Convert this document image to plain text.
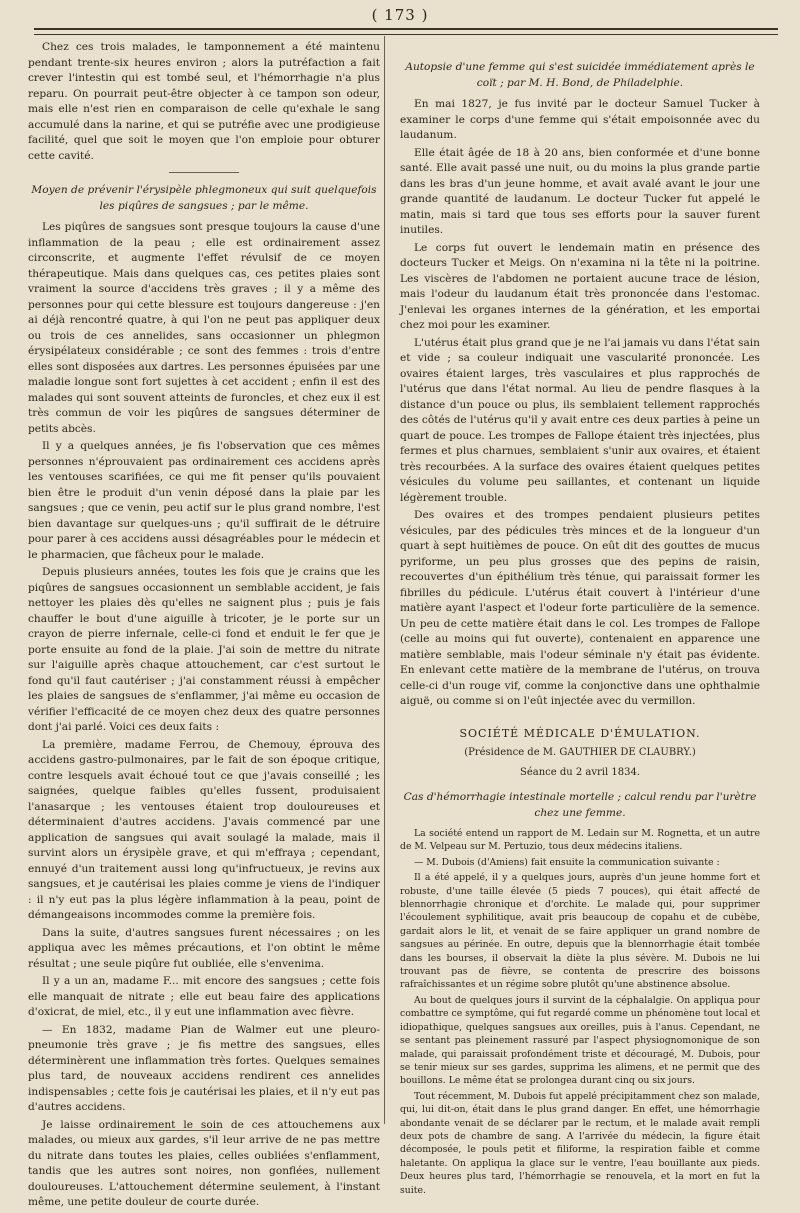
( 173 )

Chez ces trois malades, le tamponnement a été maintenu pendant trente-six heures environ ; alors la putréfaction a fait crever l'intestin qui est tombé seul, et l'hémorrhagie n'a plus reparu. On pourrait peut-être objecter à ce tampon son odeur, mais elle n'est rien en comparaison de celle qu'exhale le sang accumulé dans la narine, et qui se putréfie avec une prodigieuse facilité, quel que soit le moyen que l'on emploie pour obturer cette cavité.

Moyen de prévenir l'érysipèle phlegmoneux qui suit quelquefois les piqûres de sangsues ; par le même.

Les piqûres de sangsues sont presque toujours la cause d'une inflammation de la peau ; elle est ordinairement assez circonscrite, et augmente l'effet révulsif de ce moyen thérapeutique. Mais dans quelques cas, ces petites plaies sont vraiment la source d'accidens très graves ; il y a même des personnes pour qui cette blessure est toujours dangereuse : j'en ai déjà rencontré quatre, à qui l'on ne peut pas appliquer deux ou trois de ces annelides, sans occasionner un phlegmon érysipélateux considérable ; ce sont des femmes : trois d'entre elles sont disposées aux dartres. Les personnes épuisées par une maladie longue sont fort sujettes à cet accident ; enfin il est des malades qui sont souvent atteints de furoncles, et chez eux il est très commun de voir les piqûres de sangsues déterminer de petits abcès.

Il y a quelques années, je fis l'observation que ces mêmes personnes n'éprouvaient pas ordinairement ces accidens après les ventouses scarifiées, ce qui me fit penser qu'ils pouvaient bien être le produit d'un venin déposé dans la plaie par les sangsues ; que ce venin, peu actif sur le plus grand nombre, l'est bien davantage sur quelques-uns ; qu'il suffirait de le détruire pour parer à ces accidens aussi désagréables pour le médecin et le pharmacien, que fâcheux pour le malade.

Depuis plusieurs années, toutes les fois que je crains que les piqûres de sangsues occasionnent un semblable accident, je fais nettoyer les plaies dès qu'elles ne saignent plus ; puis je fais chauffer le bout d'une aiguille à tricoter, je le porte sur un crayon de pierre infernale, celle-ci fond et enduit le fer que je porte ensuite au fond de la plaie. J'ai soin de mettre du nitrate sur l'aiguille après chaque attouchement, car c'est surtout le fond qu'il faut cautériser ; j'ai constamment réussi à empêcher les plaies de sangsues de s'enflammer, j'ai même eu occasion de vérifier l'efficacité de ce moyen chez deux des quatre personnes dont j'ai parlé. Voici ces deux faits :

La première, madame Ferrou, de Chemouy, éprouva des accidens gastro-pulmonaires, par le fait de son époque critique, contre lesquels avait échoué tout ce que j'avais conseillé ; les saignées, quelque faibles qu'elles fussent, produisaient l'anasarque ; les ventouses étaient trop douloureuses et déterminaient d'autres accidens. J'avais commencé par une application de sangsues qui avait soulagé la malade, mais il survint alors un érysipèle grave, et qui m'effraya ; cependant, ennuyé d'un traitement aussi long qu'infructueux, je revins aux sangsues, et je cautérisai les plaies comme je viens de l'indiquer : il n'y eut pas la plus légère inflammation à la peau, point de démangeaisons incommodes comme la première fois.

Dans la suite, d'autres sangsues furent nécessaires ; on les appliqua avec les mêmes précautions, et l'on obtint le même résultat ; une seule piqûre fut oubliée, elle s'envenima.

Il y a un an, madame F... mit encore des sangsues ; cette fois elle manquait de nitrate ; elle eut beau faire des applications d'oxicrat, de miel, etc., il y eut une inflammation avec fièvre.

— En 1832, madame Pian de Walmer eut une pleuro-pneumonie très grave ; je fis mettre des sangsues, elles déterminèrent une inflammation très fortes. Quelques semaines plus tard, de nouveaux accidens rendirent ces annelides indispensables ; cette fois je cautérisai les plaies, et il n'y eut pas d'autres accidens.

Je laisse ordinairement le soin de ces attouchemens aux malades, ou mieux aux gardes, s'il leur arrive de ne pas mettre du nitrate dans toutes les plaies, celles oubliées s'enflamment, tandis que les autres sont noires, non gonflées, nullement douloureuses. L'attouchement détermine seulement, à l'instant même, une petite douleur de courte durée.

Autopsie d'une femme qui s'est suicidée immédiatement après le coït ; par M. H. Bond, de Philadelphie.

En mai 1827, je fus invité par le docteur Samuel Tucker à examiner le corps d'une femme qui s'était empoisonnée avec du laudanum.

Elle était âgée de 18 à 20 ans, bien conformée et d'une bonne santé. Elle avait passé une nuit, ou du moins la plus grande partie dans les bras d'un jeune homme, et avait avalé avant le jour une grande quantité de laudanum. Le docteur Tucker fut appelé le matin, mais si tard que tous ses efforts pour la sauver furent inutiles.

Le corps fut ouvert le lendemain matin en présence des docteurs Tucker et Meigs. On n'examina ni la tête ni la poitrine. Les viscères de l'abdomen ne portaient aucune trace de lésion, mais l'odeur du laudanum était très prononcée dans l'estomac. J'enlevai les organes internes de la génération, et les emportai chez moi pour les examiner.

L'utérus était plus grand que je ne l'ai jamais vu dans l'état sain et vide ; sa couleur indiquait une vascularité prononcée. Les ovaires étaient larges, très vasculaires et plus rapprochés de l'utérus que dans l'état normal. Au lieu de pendre flasques à la distance d'un pouce ou plus, ils semblaient tellement rapprochés des côtés de l'utérus qu'il y avait entre ces deux parties à peine un quart de pouce. Les trompes de Fallope étaient très injectées, plus fermes et plus charnues, semblaient s'unir aux ovaires, et étaient très recourbées. A la surface des ovaires étaient quelques petites vésicules du volume peu saillantes, et contenant un liquide légèrement trouble.

Des ovaires et des trompes pendaient plusieurs petites vésicules, par des pédicules très minces et de la longueur d'un quart à sept huitièmes de pouce. On eût dit des gouttes de mucus pyriforme, un peu plus grosses que des pepins de raisin, recouvertes d'un épithélium très ténue, qui paraissait former les fibrilles du pédicule. L'utérus était couvert à l'intérieur d'une matière ayant l'aspect et l'odeur forte particulière de la semence. Un peu de cette matière était dans le col. Les trompes de Fallope (celle au moins qui fut ouverte), contenaient en apparence une matière semblable, mais l'odeur séminale n'y était pas évidente. En enlevant cette matière de la membrane de l'utérus, on trouva celle-ci d'un rouge vif, comme la conjonctive dans une ophthalmie aiguë, ou comme si on l'eût injectée avec du vermillon.

SOCIÉTÉ MÉDICALE D'ÉMULATION.
(Présidence de M. GAUTHIER DE CLAUBRY.)
Séance du 2 avril 1834.

Cas d'hémorrhagie intestinale mortelle ; calcul rendu par l'urètre chez une femme.

La société entend un rapport de M. Ledain sur M. Rognetta, et un autre de M. Velpeau sur M. Pertuzio, tous deux médecins italiens.

— M. Dubois (d'Amiens) fait ensuite la communication suivante :

Il a été appelé, il y a quelques jours, auprès d'un jeune homme fort et robuste, d'une taille élevée (5 pieds 7 pouces), qui était affecté de blennorrhagie chronique et d'orchite. Le malade qui, pour supprimer l'écoulement syphilitique, avait pris beaucoup de copahu et de cubèbe, gardait alors le lit, et venait de se faire appliquer un grand nombre de sangsues au périnée. En outre, depuis que la blennorrhagie était tombée dans les bourses, il observait la diète la plus sévère. M. Dubois ne lui trouvant pas de fièvre, se contenta de prescrire des boissons rafraîchissantes et un régime sobre plutôt qu'une abstinence absolue.

Au bout de quelques jours il survint de la céphalalgie. On appliqua pour combattre ce symptôme, qui fut regardé comme un phénomène tout local et idiopathique, quelques sangsues aux oreilles, puis à l'anus. Cependant, ne se sentant pas pleinement rassuré par l'aspect physiognomonique de son malade, qui paraissait profondément triste et découragé, M. Dubois, pour se tenir mieux sur ses gardes, supprima les alimens, et ne permit que des bouillons. Le même état se prolongea durant cinq ou six jours.

Tout récemment, M. Dubois fut appelé précipitamment chez son malade, qui, lui dit-on, était dans le plus grand danger. En effet, une hémorrhagie abondante venait de se déclarer par le rectum, et le malade avait rempli deux pots de chambre de sang. A l'arrivée du médecin, la figure était décomposée, le pouls petit et filiforme, la respiration faible et comme haletante. On appliqua la glace sur le ventre, l'eau bouillante aux pieds. Deux heures plus tard, l'hémorrhagie se renouvela, et la mort en fut la suite.
